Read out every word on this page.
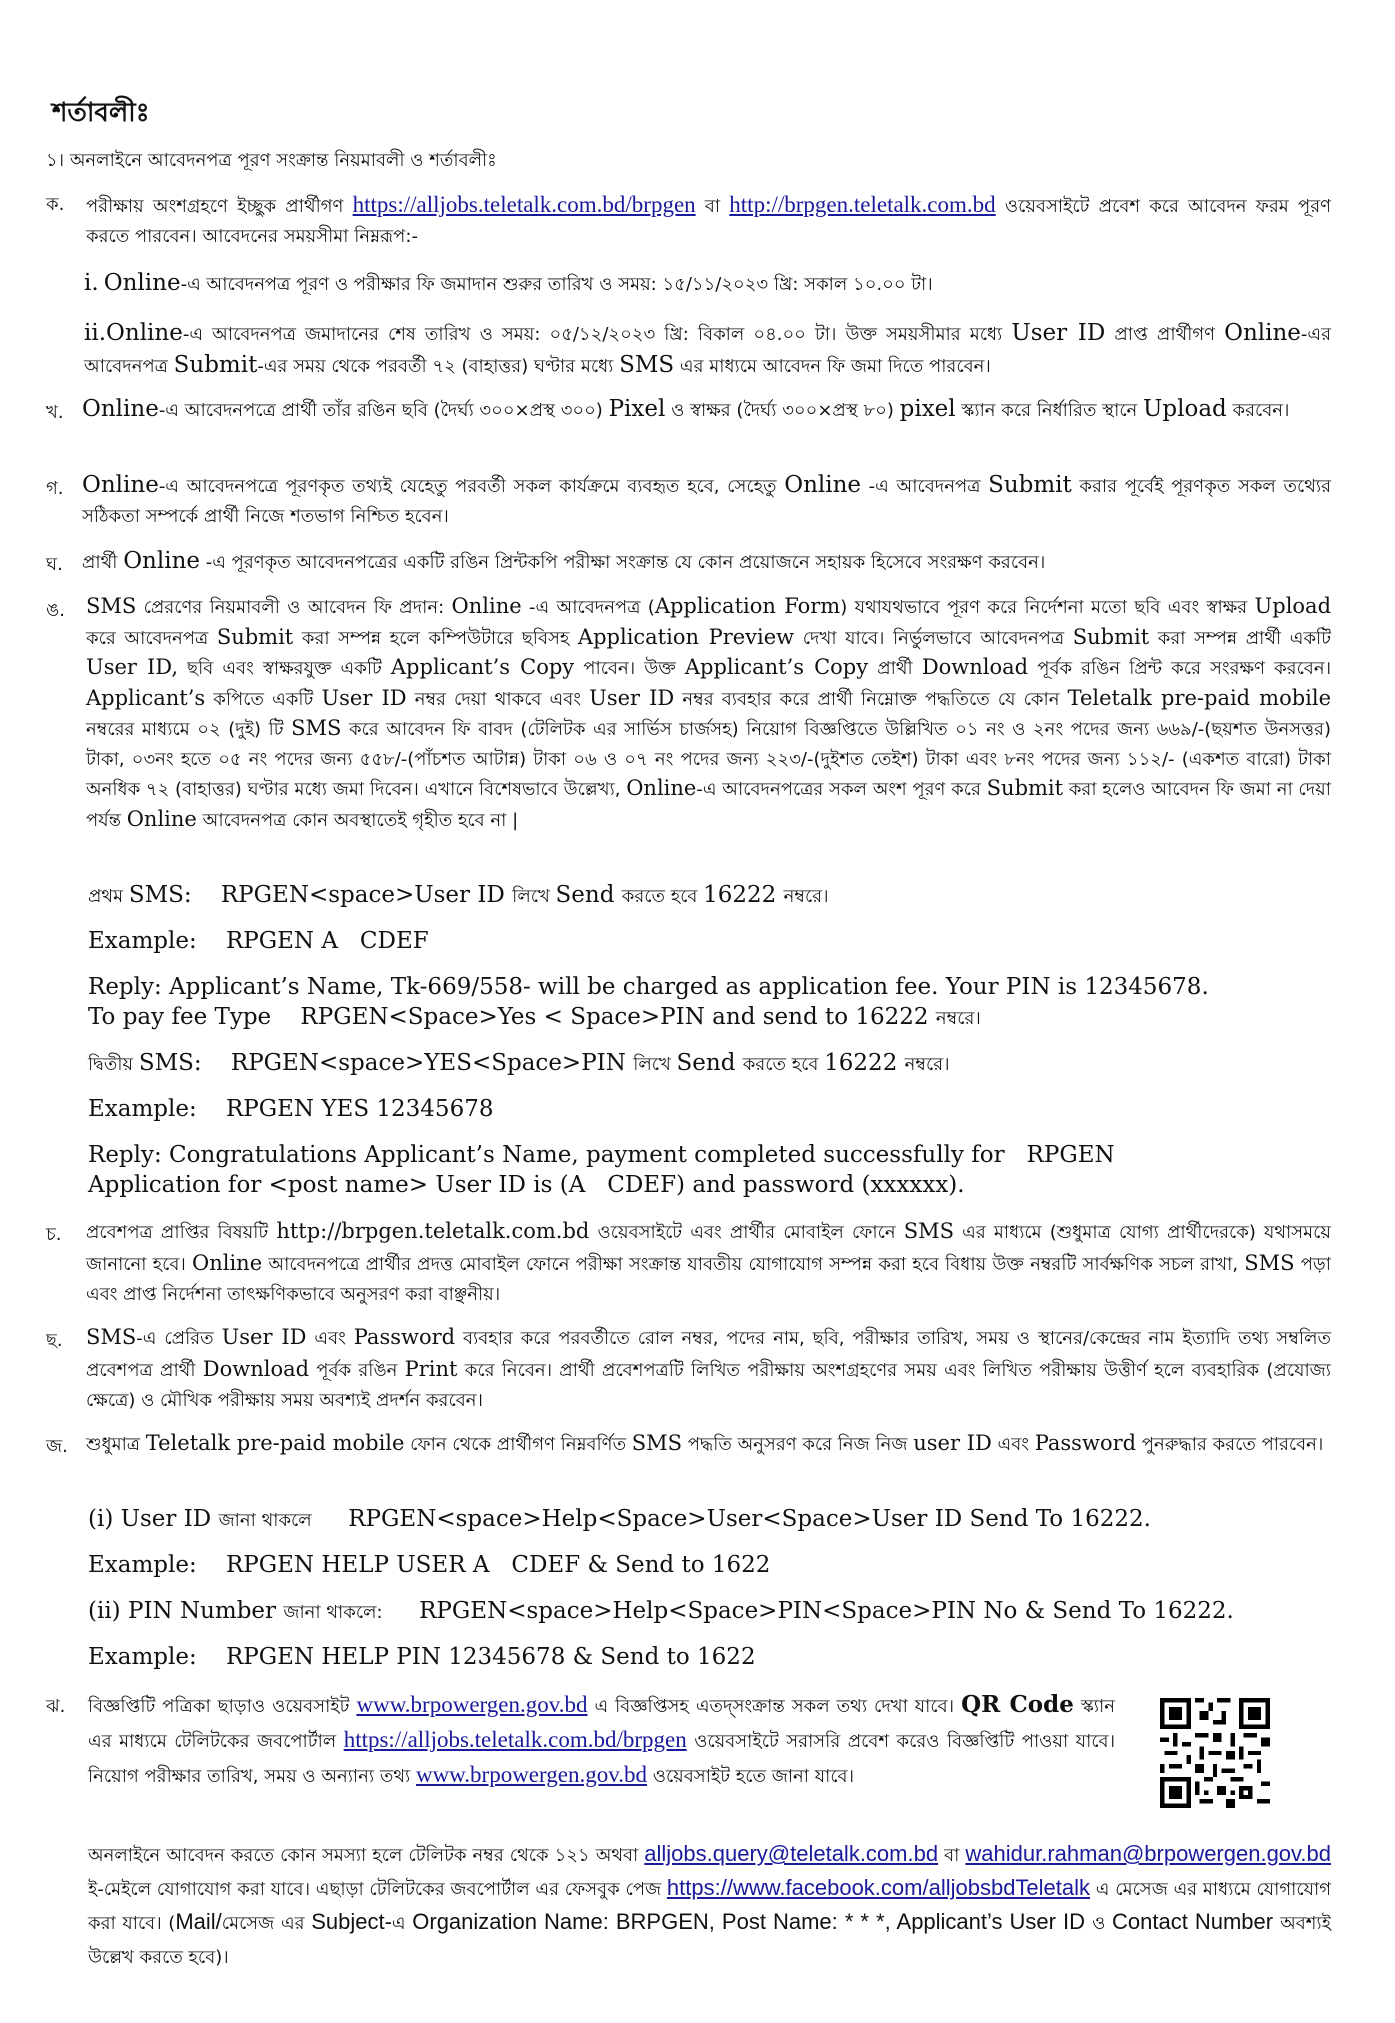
শর্তাবলীঃ
১। অনলাইনে আবেদনপত্র পূরণ সংক্রান্ত নিয়মাবলী ও শর্তাবলীঃ
ক. পরীক্ষায় অংশগ্রহণে ইচ্ছুক প্রার্থীগণ https://alljobs.teletalk.com.bd/brpgen বা http://brpgen.teletalk.com.bd ওয়েবসাইটে প্রবেশ করে আবেদন ফরম পূরণ করতে পারবেন। আবেদনের সময়সীমা নিম্নরূপ:-
i. Online-এ আবেদনপত্র পূরণ ও পরীক্ষার ফি জমাদান শুরুর তারিখ ও সময়: ১৫/১১/২০২৩ খ্রি: সকাল ১০.০০ টা।
ii.Online-এ আবেদনপত্র জমাদানের শেষ তারিখ ও সময়: ০৫/১২/২০২৩ খ্রি: বিকাল ০৪.০০ টা। উক্ত সময়সীমার মধ্যে User ID প্রাপ্ত প্রার্থীগণ Online-এর আবেদনপত্র Submit-এর সময় থেকে পরবর্তী ৭২ (বাহাত্তর) ঘণ্টার মধ্যে SMS এর মাধ্যমে আবেদন ফি জমা দিতে পারবেন।
খ. Online-এ আবেদনপত্রে প্রার্থী তাঁর রঙিন ছবি (দৈর্ঘ্য ৩০০×প্রস্থ ৩০০) Pixel ও স্বাক্ষর (দৈর্ঘ্য ৩০০×প্রস্থ ৮০) pixel স্ক্যান করে নির্ধারিত স্থানে Upload করবেন।
গ. Online-এ আবেদনপত্রে পূরণকৃত তথ্যই যেহেতু পরবর্তী সকল কার্যক্রমে ব্যবহৃত হবে, সেহেতু Online -এ আবেদনপত্র Submit করার পূর্বেই পূরণকৃত সকল তথ্যের সঠিকতা সম্পর্কে প্রার্থী নিজে শতভাগ নিশ্চিত হবেন।
ঘ. প্রার্থী Online -এ পূরণকৃত আবেদনপত্রের একটি রঙিন প্রিন্টকপি পরীক্ষা সংক্রান্ত যে কোন প্রয়োজনে সহায়ক হিসেবে সংরক্ষণ করবেন।
ঙ. SMS প্রেরণের নিয়মাবলী ও আবেদন ফি প্রদান: Online -এ আবেদনপত্র (Application Form) যথাযথভাবে পূরণ করে নির্দেশনা মতো ছবি এবং স্বাক্ষর Upload করে আবেদনপত্র Submit করা সম্পন্ন হলে কম্পিউটারে ছবিসহ Application Preview দেখা যাবে। নির্ভুলভাবে আবেদনপত্র Submit করা সম্পন্ন প্রার্থী একটি User ID, ছবি এবং স্বাক্ষরযুক্ত একটি Applicant’s Copy পাবেন। উক্ত Applicant’s Copy প্রার্থী Download পূর্বক রঙিন প্রিন্ট করে সংরক্ষণ করবেন। Applicant’s কপিতে একটি User ID নম্বর দেয়া থাকবে এবং User ID নম্বর ব্যবহার করে প্রার্থী নিম্নোক্ত পদ্ধতিতে যে কোন Teletalk pre-paid mobile নম্বরের মাধ্যমে ০২ (দুই) টি SMS করে আবেদন ফি বাবদ (টেলিটক এর সার্ভিস চার্জসহ) নিয়োগ বিজ্ঞপ্তিতে উল্লিখিত ০১ নং ও ২নং পদের জন্য ৬৬৯/-(ছয়শত উনসত্তর) টাকা, ০৩নং হতে ০৫ নং পদের জন্য ৫৫৮/-(পাঁচশত আটান্ন) টাকা ০৬ ও ০৭ নং পদের জন্য ২২৩/-(দুইশত তেইশ) টাকা এবং ৮নং পদের জন্য ১১২/- (একশত বারো) টাকা অনধিক ৭২ (বাহাত্তর) ঘণ্টার মধ্যে জমা দিবেন। এখানে বিশেষভাবে উল্লেখ্য, Online-এ আবেদনপত্রের সকল অংশ পূরণ করে Submit করা হলেও আবেদন ফি জমা না দেয়া পর্যন্ত Online আবেদনপত্র কোন অবস্থাতেই গৃহীত হবে না |
প্রথম SMS:    RPGEN<space>User ID লিখে Send করতে হবে 16222 নম্বরে।
Example:    RPGEN A   CDEF
Reply: Applicant’s Name, Tk-669/558- will be charged as application fee. Your PIN is 12345678.
To pay fee Type    RPGEN<Space>Yes < Space>PIN and send to 16222 নম্বরে।
দ্বিতীয় SMS:    RPGEN<space>YES<Space>PIN লিখে Send করতে হবে 16222 নম্বরে।
Example:    RPGEN YES 12345678
Reply: Congratulations Applicant’s Name, payment completed successfully for   RPGEN
Application for <post name> User ID is (A   CDEF) and password (xxxxxx).
চ. প্রবেশপত্র প্রাপ্তির বিষয়টি http://brpgen.teletalk.com.bd ওয়েবসাইটে এবং প্রার্থীর মোবাইল ফোনে SMS এর মাধ্যমে (শুধুমাত্র যোগ্য প্রার্থীদেরকে) যথাসময়ে জানানো হবে। Online আবেদনপত্রে প্রার্থীর প্রদত্ত মোবাইল ফোনে পরীক্ষা সংক্রান্ত যাবতীয় যোগাযোগ সম্পন্ন করা হবে বিধায় উক্ত নম্বরটি সার্বক্ষণিক সচল রাখা, SMS পড়া এবং প্রাপ্ত নির্দেশনা তাৎক্ষণিকভাবে অনুসরণ করা বাঞ্ছনীয়।
ছ. SMS-এ প্রেরিত User ID এবং Password ব্যবহার করে পরবর্তীতে রোল নম্বর, পদের নাম, ছবি, পরীক্ষার তারিখ, সময় ও স্থানের/কেন্দ্রের নাম ইত্যাদি তথ্য সম্বলিত প্রবেশপত্র প্রার্থী Download পূর্বক রঙিন Print করে নিবেন। প্রার্থী প্রবেশপত্রটি লিখিত পরীক্ষায় অংশগ্রহণের সময় এবং লিখিত পরীক্ষায় উত্তীর্ণ হলে ব্যবহারিক (প্রযোজ্য ক্ষেত্রে) ও মৌখিক পরীক্ষায় সময় অবশ্যই প্রদর্শন করবেন।
জ. শুধুমাত্র Teletalk pre-paid mobile ফোন থেকে প্রার্থীগণ নিম্নবর্ণিত SMS পদ্ধতি অনুসরণ করে নিজ নিজ user ID এবং Password পুনরুদ্ধার করতে পারবেন।
(i) User ID জানা থাকলে     RPGEN<space>Help<Space>User<Space>User ID Send To 16222.
Example:    RPGEN HELP USER A   CDEF & Send to 1622
(ii) PIN Number জানা থাকলে:     RPGEN<space>Help<Space>PIN<Space>PIN No & Send To 16222.
Example:    RPGEN HELP PIN 12345678 & Send to 1622
ঝ. বিজ্ঞপ্তিটি পত্রিকা ছাড়াও ওয়েবসাইট www.brpowergen.gov.bd এ বিজ্ঞপ্তিসহ এতদ্সংক্রান্ত সকল তথ্য দেখা যাবে। QR Code স্ক্যান এর মাধ্যমে টেলিটকের জবপোর্টাল https://alljobs.teletalk.com.bd/brpgen ওয়েবসাইটে সরাসরি প্রবেশ করেও বিজ্ঞপ্তিটি পাওয়া যাবে। নিয়োগ পরীক্ষার তারিখ, সময় ও অন্যান্য তথ্য www.brpowergen.gov.bd ওয়েবসাইট হতে জানা যাবে।
অনলাইনে আবেদন করতে কোন সমস্যা হলে টেলিটক নম্বর থেকে ১২১ অথবা alljobs.query@teletalk.com.bd বা wahidur.rahman@brpowergen.gov.bd ই-মেইলে যোগাযোগ করা যাবে। এছাড়া টেলিটকের জবপোর্টাল এর ফেসবুক পেজ https://www.facebook.com/alljobsbdTeletalk এ মেসেজ এর মাধ্যমে যোগাযোগ করা যাবে। (Mail/মেসেজ এর Subject-এ Organization Name: BRPGEN, Post Name: * * *, Applicant’s User ID ও Contact Number অবশ্যই উল্লেখ করতে হবে)।
